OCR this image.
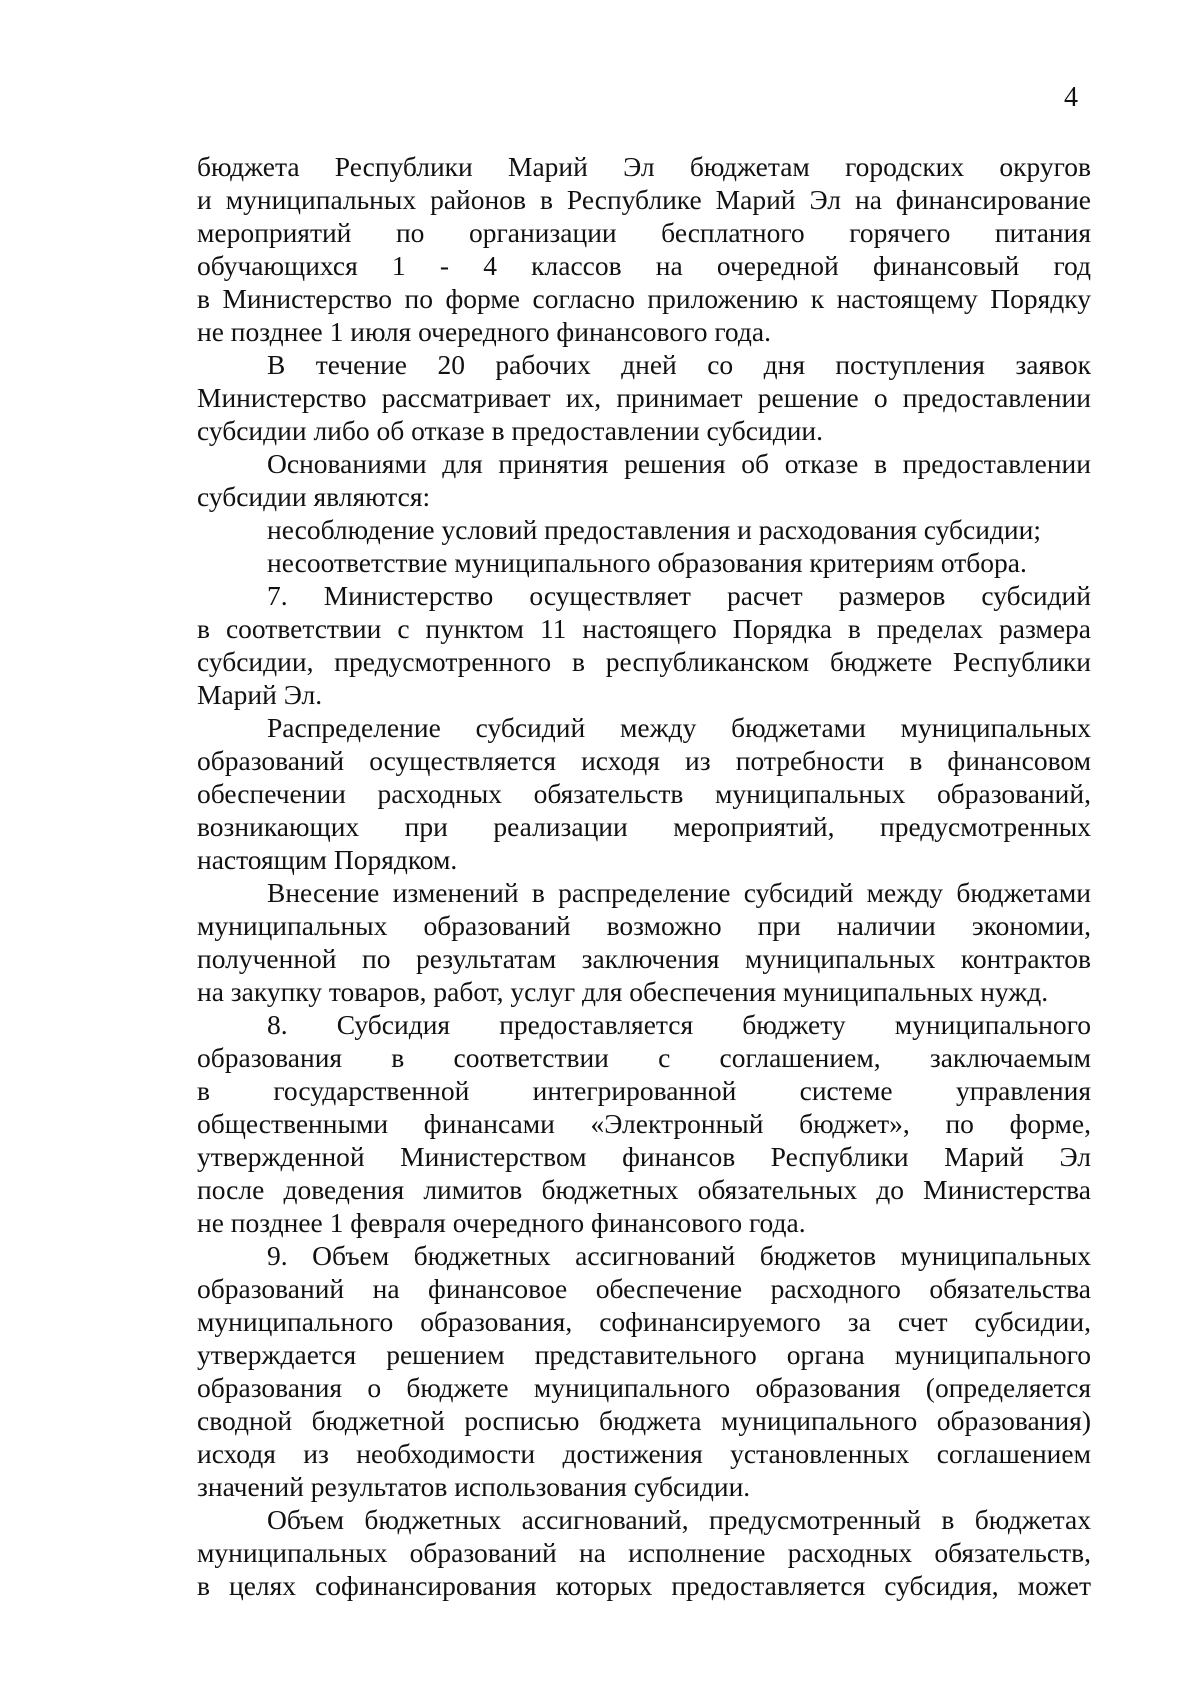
4
бюджета Республики Марий Эл бюджетам городских округов
и муниципальных районов в Республике Марий Эл на финансирование
мероприятий по организации бесплатного горячего питания
обучающихся 1 - 4 классов на очередной финансовый год
в Министерство по форме согласно приложению к настоящему Порядку
не позднее 1 июля очередного финансового года.
В течение 20 рабочих дней со дня поступления заявок
Министерство рассматривает их, принимает решение о предоставлении
субсидии либо об отказе в предоставлении субсидии.
Основаниями для принятия решения об отказе в предоставлении
субсидии являются:
несоблюдение условий предоставления и расходования субсидии;
несоответствие муниципального образования критериям отбора.
7. Министерство осуществляет расчет размеров субсидий
в соответствии с пунктом 11 настоящего Порядка в пределах размера
субсидии, предусмотренного в республиканском бюджете Республики
Марий Эл.
Распределение субсидий между бюджетами муниципальных
образований осуществляется исходя из потребности в финансовом
обеспечении расходных обязательств муниципальных образований,
возникающих при реализации мероприятий, предусмотренных
настоящим Порядком.
Внесение изменений в распределение субсидий между бюджетами
муниципальных образований возможно при наличии экономии,
полученной по результатам заключения муниципальных контрактов
на закупку товаров, работ, услуг для обеспечения муниципальных нужд.
8. Субсидия предоставляется бюджету муниципального
образования в соответствии с соглашением, заключаемым
в государственной интегрированной системе управления
общественными финансами «Электронный бюджет», по форме,
утвержденной Министерством финансов Республики Марий Эл
после доведения лимитов бюджетных обязательных до Министерства
не позднее 1 февраля очередного финансового года.
9. Объем бюджетных ассигнований бюджетов муниципальных
образований на финансовое обеспечение расходного обязательства
муниципального образования, софинансируемого за счет субсидии,
утверждается решением представительного органа муниципального
образования о бюджете муниципального образования (определяется
сводной бюджетной росписью бюджета муниципального образования)
исходя из необходимости достижения установленных соглашением
значений результатов использования субсидии.
Объем бюджетных ассигнований, предусмотренный в бюджетах
муниципальных образований на исполнение расходных обязательств,
в целях софинансирования которых предоставляется субсидия, может
